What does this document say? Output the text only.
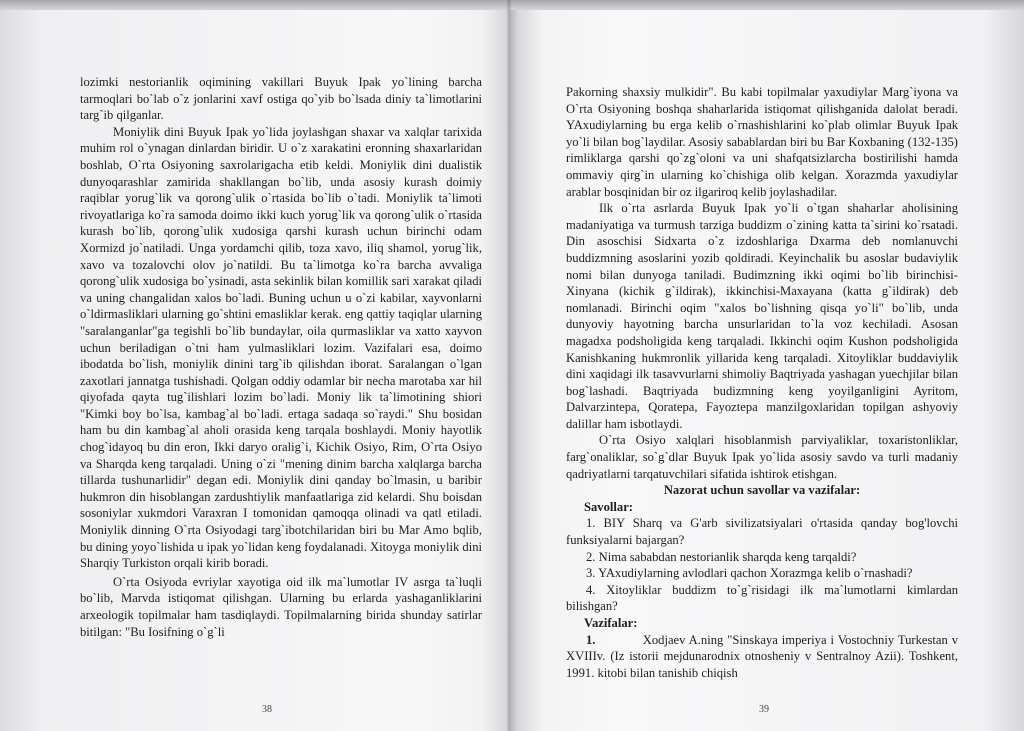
lozimki nestorianlik oqimining vakillari Buyuk Ipak yo`lining barcha tarmoqlari bo`lab o`z jonlarini xavf ostiga qo`yib bo`lsada diniy ta`limotlarini targ`ib qilganlar.

Moniylik dini Buyuk Ipak yo`lida joylashgan shaxar va xalqlar tarixida muhim rol o`ynagan dinlardan biridir. U o`z xarakatini eronning shaxarlaridan boshlab, O`rta Osiyoning saxrolarigacha etib keldi. Moniylik dini dualistik dunyoqarashlar zamirida shakllangan bo`lib, unda asosiy kurash doimiy raqiblar yorug`lik va qorong`ulik o`rtasida bo`lib o`tadi. Moniylik ta`limoti rivoyatlariga ko`ra samoda doimo ikki kuch yorug`lik va qorong`ulik o`rtasida kurash bo`lib, qorong`ulik xudosiga qarshi kurash uchun birinchi odam Xormizd jo`natiladi. Unga yordamchi qilib, toza xavo, iliq shamol, yorug`lik, xavo va tozalovchi olov jo`natildi. Bu ta`limotga ko`ra barcha avvaliga qorong`ulik xudosiga bo`ysinadi, asta sekinlik bilan komillik sari xarakat qiladi va uning changalidan xalos bo`ladi. Buning uchun u o`zi kabilar, xayvonlarni o`ldirmasliklari ularning go`shtini emasliklar kerak. eng qattiy taqiqlar ularning "saralanganlar"ga tegishli bo`lib bundaylar, oila qurmasliklar va xatto xayvon uchun beriladigan o`tni ham yulmasliklari lozim. Vazifalari esa, doimo ibodatda bo`lish, moniylik dinini targ`ib qilishdan iborat. Saralangan o`lgan zaxotlari jannatga tushishadi. Qolgan oddiy odamlar bir necha marotaba xar hil qiyofada qayta tug`ilishlari lozim bo`ladi. Moniy lik ta`limotining shiori "Kimki boy bo`lsa, kambag`al bo`ladi. ertaga sadaqa so`raydi." Shu bosidan ham bu din kambag`al aholi orasida keng tarqala boshlaydi. Moniy hayotlik chog`idayoq bu din eron, Ikki daryo oralig`i, Kichik Osiyo, Rim, O`rta Osiyo va Sharqda keng tarqaladi. Uning o`zi "mening dinim barcha xalqlarga barcha tillarda tushunarlidir" degan edi. Moniylik dini qanday bo`lmasin, u baribir hukmron din hisoblangan zardushtiylik manfaatlariga zid kelardi. Shu boisdan sosoniylar xukmdori Varaxran I tomonidan qamoqqa olinadi va qatl etiladi. Moniylik dinning O`rta Osiyodagi targ`ibotchilaridan biri bu Mar Amo bqlib, bu dining yoyo`lishida u ipak yo`lidan keng foydalanadi. Xitoyga moniylik dini Sharqiy Turkiston orqali kirib boradi.

O`rta Osiyoda evriylar xayotiga oid ilk ma`lumotlar IV asrga ta`luqli bo`lib, Marvda istiqomat qilishgan. Ularning bu erlarda yashaganliklarini arxeologik topilmalar ham tasdiqlaydi. Topilmalarning birida shunday satirlar bitilgan: "Bu Iosifning o`g`li

38

Pakorning shaxsiy mulkidir". Bu kabi topilmalar yaxudiylar Marg`iyona va O`rta Osiyoning boshqa shaharlarida istiqomat qilishganida dalolat beradi. YAxudiylarning bu erga kelib o`rnashishlarini ko`plab olimlar Buyuk Ipak yo`li bilan bog`laydilar. Asosiy sabablardan biri bu Bar Koxbaning (132-135) rimliklarga qarshi qo`zg`oloni va uni shafqatsizlarcha bostirilishi hamda ommaviy qirg`in ularning ko`chishiga olib kelgan. Xorazmda yaxudiylar arablar bosqinidan bir oz ilgariroq kelib joylashadilar.

Ilk o`rta asrlarda Buyuk Ipak yo`li o`tgan shaharlar aholisining madaniyatiga va turmush tarziga buddizm o`zining katta ta`sirini ko`rsatadi. Din asoschisi Sidxarta o`z izdoshlariga Dxarma deb nomlanuvchi buddizmning asoslarini yozib qoldiradi. Keyinchalik bu asoslar budaviylik nomi bilan dunyoga taniladi. Budimzning ikki oqimi bo`lib birinchisi-Xinyana (kichik g`ildirak), ikkinchisi-Maxayana (katta g`ildirak) deb nomlanadi. Birinchi oqim "xalos bo`lishning qisqa yo`li" bo`lib, unda dunyoviy hayotning barcha unsurlaridan to`la voz kechiladi. Asosan magadxa podsholigida keng tarqaladi. Ikkinchi oqim Kushon podsholigida Kanishkaning hukmronlik yillarida keng tarqaladi. Xitoyliklar buddaviylik dini xaqidagi ilk tasavvurlarni shimoliy Baqtriyada yashagan yuechjilar bilan bog`lashadi. Baqtriyada budizmning keng yoyilganligini Ayritom, Dalvarzintepa, Qoratepa, Fayoztepa manzilgoxlaridan topilgan ashyoviy dalillar ham isbotlaydi.

O`rta Osiyo xalqlari hisoblanmish parviyaliklar, toxaristonliklar, farg`onaliklar, so`g`dlar Buyuk Ipak yo`lida asosiy savdo va turli madaniy qadriyatlarni tarqatuvchilari sifatida ishtirok etishgan.

Nazorat uchun savollar va vazifalar:

Savollar:

1. BIY Sharq va G'arb sivilizatsiyalari o'rtasida qanday bog'lovchi funksiyalarni bajargan?

2. Nima sababdan nestorianlik sharqda keng tarqaldi?

3. YAxudiylarning avlodlari qachon Xorazmga kelib o`rnashadi?

4. Xitoyliklar buddizm to`g`risidagi ilk ma`lumotlarni kimlardan bilishgan?

Vazifalar:

1.	Xodjaev A.ning "Sinskaya imperiya i Vostochniy Turkestan v XVIIIv. (Iz istorii mejdunarodnix otnosheniy v Sentralnoy Azii). Toshkent, 1991. kitobi bilan tanishib chiqish

39
